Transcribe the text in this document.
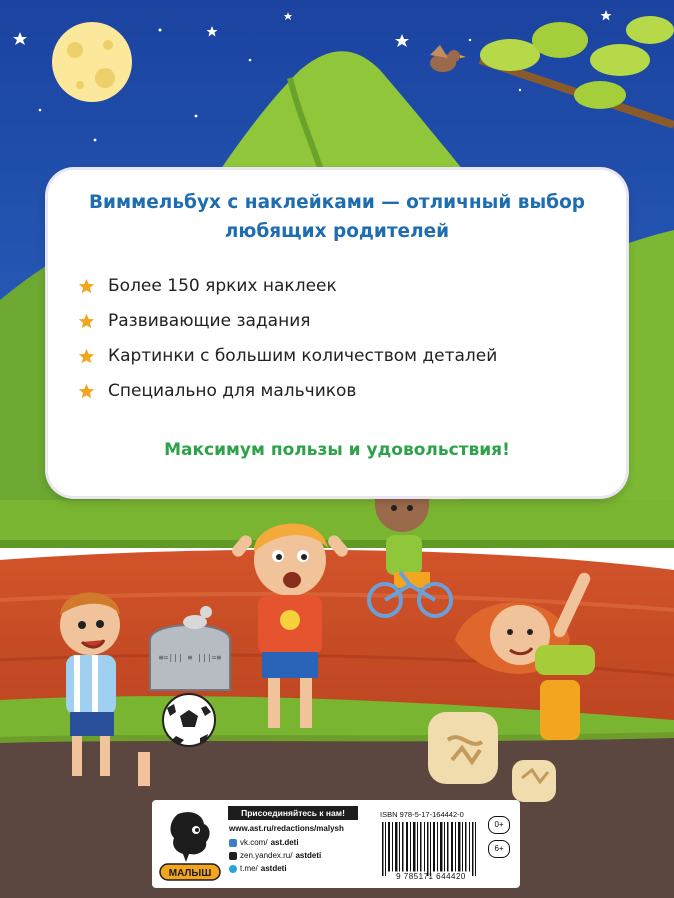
≡=||| ≡ |||=≡
Виммельбух с наклейками — отличный выбор
любящих родителей
Более 150 ярких наклеек
Развивающие задания
Картинки с большим количеством деталей
Специально для мальчиков
Максимум пользы и удовольствия!
МАЛЫШ
Присоединяйтесь к нам!
www.ast.ru/redactions/malysh
vk.com/ ast.deti
zen.yandex.ru/ astdeti
t.me/ astdeti
ISBN 978-5-17-164442-0
9 785171 644420
0+
6+
